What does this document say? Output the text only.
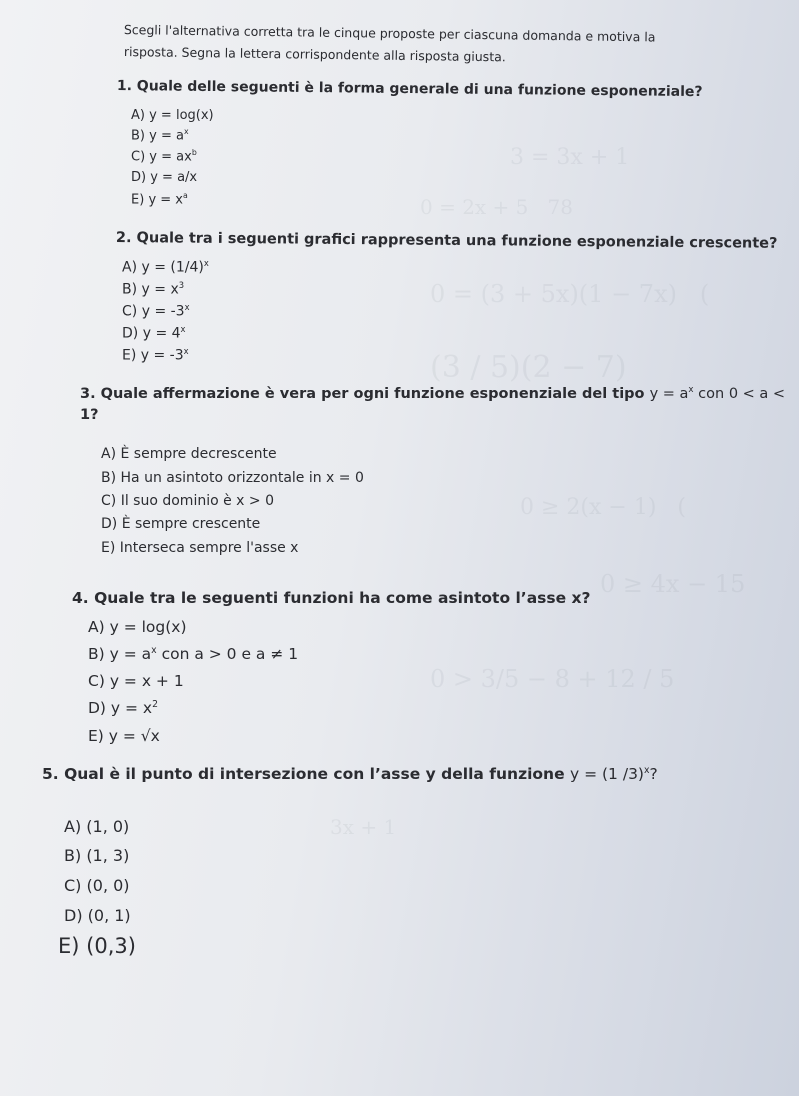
3 = 3x + 1
0 = 2x + 5   78
0 = (3 + 5x)(1 − 7x)   (
(3 / 5)(2 − 7)
0 ≥ 2(x − 1)   (
0 ≥ 4x − 15
0 > 3/5 − 8 + 12 / 5
3x + 1
Scegli l'alternativa corretta tra le cinque proposte per ciascuna domanda e motiva la
risposta. Segna la lettera corrispondente alla risposta giusta.
1. Quale delle seguenti è la forma generale di una funzione esponenziale?
A) y = log(x)
B) $y = a^x$
C) $y = ax^b$
D) y = a/x
E) $y = x^a$
2. Quale tra i seguenti grafici rappresenta una funzione esponenziale crescente?
A) $y = (1/4)^x$
B) $y = x^3$
C) $y = -3^x$
D) $y = 4^x$
E) $y = -3^x$
3. Quale affermazione è vera per ogni funzione esponenziale del tipo $y = a^x$ con 0 < a <
1?
A) È sempre decrescente
B) Ha un asintoto orizzontale in x = 0
C) Il suo dominio è x > 0
D) È sempre crescente
E) Interseca sempre l'asse x
4. Quale tra le seguenti funzioni ha come asintoto l’asse x?
A) y = log(x)
B) $y = a^x$ con a > 0 e a ≠ 1
C) y = x + 1
D) $y = x^2$
E) y = √x
5. Qual è il punto di intersezione con l’asse y della funzione y = (1 /3)$^x$?
A) (1, 0)
B) (1, 3)
C) (0, 0)
D) (0, 1)
E) (0,3)
